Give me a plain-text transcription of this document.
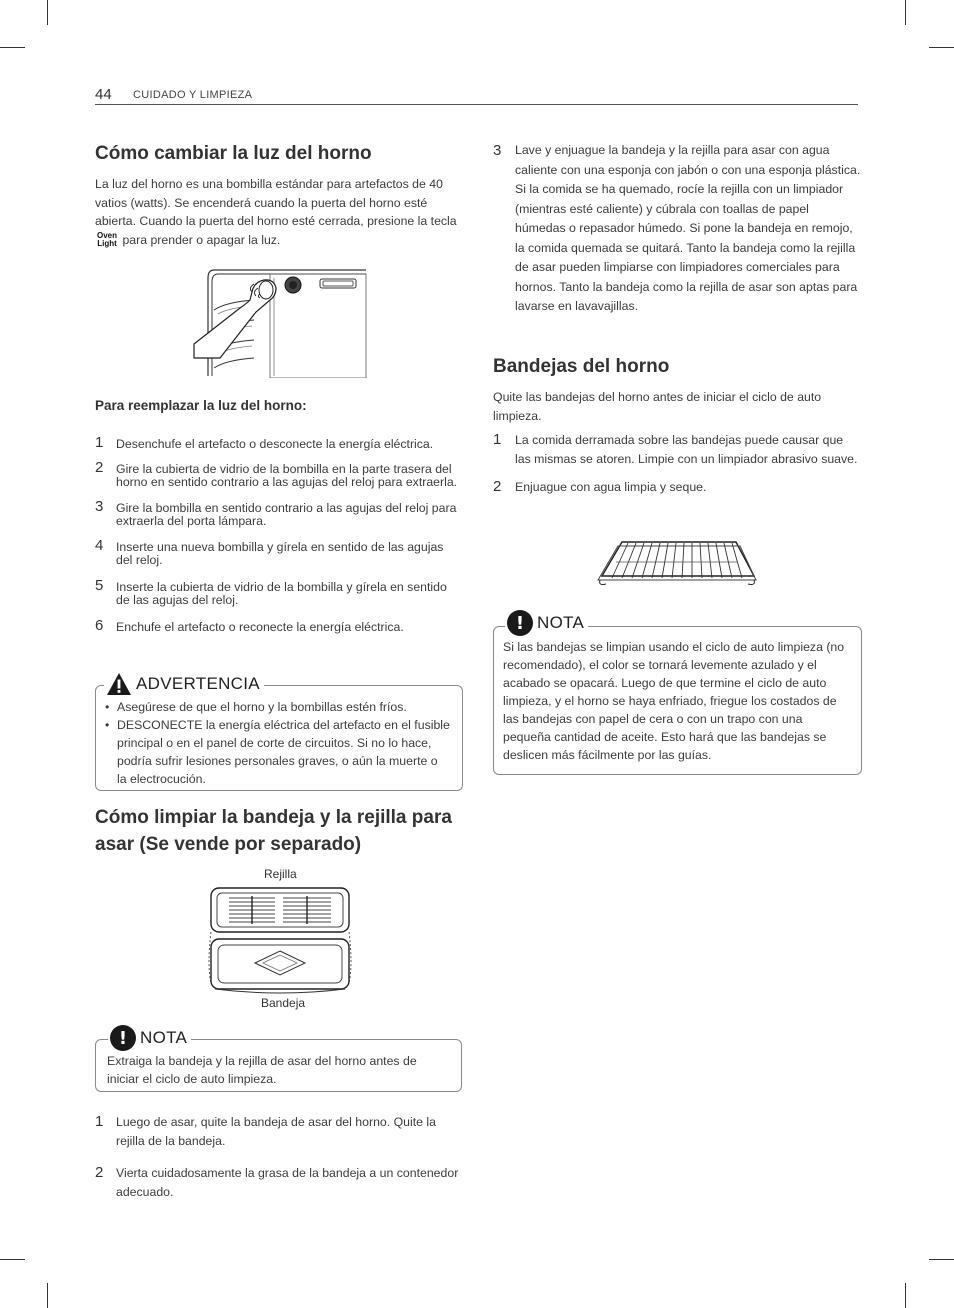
44 CUIDADO Y LIMPIEZA
Cómo cambiar la luz del horno

La luz del horno es una bombilla estándar para artefactos de 40 vatios (watts). Se encenderá cuando la puerta del horno esté abierta. Cuando la puerta del horno esté cerrada, presione la tecla Oven
Light para prender o apagar la luz.

Para reemplazar la luz del horno:
1 Desenchufe el artefacto o desconecte la energía eléctrica.
2 Gire la cubierta de vidrio de la bombilla en la parte trasera del horno en sentido contrario a las agujas del reloj para extraerla.
3 Gire la bombilla en sentido contrario a las agujas del reloj para extraerla del porta lámpara.
4 Inserte una nueva bombilla y gírela en sentido de las agujas del reloj.
5 Inserte la cubierta de vidrio de la bombilla y gírela en sentido de las agujas del reloj.
6 Enchufe el artefacto o reconecte la energía eléctrica.
• Asegúrese de que el horno y la bombillas estén fríos.
• DESCONECTE la energía eléctrica del artefacto en el fusible principal o en el panel de corte de circuitos. Si no lo hace, podría sufrir lesiones personales graves, o aún la muerte o la electrocución.
ADVERTENCIA
Cómo limpiar la bandeja y la rejilla para asar (Se vende por separado)
Rejilla
Bandeja

Extraiga la bandeja y la rejilla de asar del horno antes de iniciar el ciclo de auto limpieza.

! NOTA
1 Luego de asar, quite la bandeja de asar del horno. Quite la rejilla de la bandeja.
2 Vierta cuidadosamente la grasa de la bandeja a un contenedor adecuado.
3 Lave y enjuague la bandeja y la rejilla para asar con agua caliente con una esponja con jabón o con una esponja plástica. Si la comida se ha quemado, rocíe la rejilla con un limpiador (mientras esté caliente) y cúbrala con toallas de papel húmedas o repasador húmedo. Si pone la bandeja en remojo, la comida quemada se quitará. Tanto la bandeja como la rejilla de asar pueden limpiarse con limpiadores comerciales para hornos. Tanto la bandeja como la rejilla de asar son aptas para lavarse en lavavajillas.
Bandejas del horno

Quite las bandejas del horno antes de iniciar el ciclo de auto limpieza.

1 La comida derramada sobre las bandejas puede causar que las mismas se atoren. Limpie con un limpiador abrasivo suave.
2 Enjuague con agua limpia y seque.

Si las bandejas se limpian usando el ciclo de auto limpieza (no recomendado), el color se tornará levemente azulado y el acabado se opacará. Luego de que termine el ciclo de auto limpieza, y el horno se haya enfriado, friegue los costados de las bandejas con papel de cera o con un trapo con una pequeña cantidad de aceite. Esto hará que las bandejas se deslicen más fácilmente por las guías.

! NOTA
